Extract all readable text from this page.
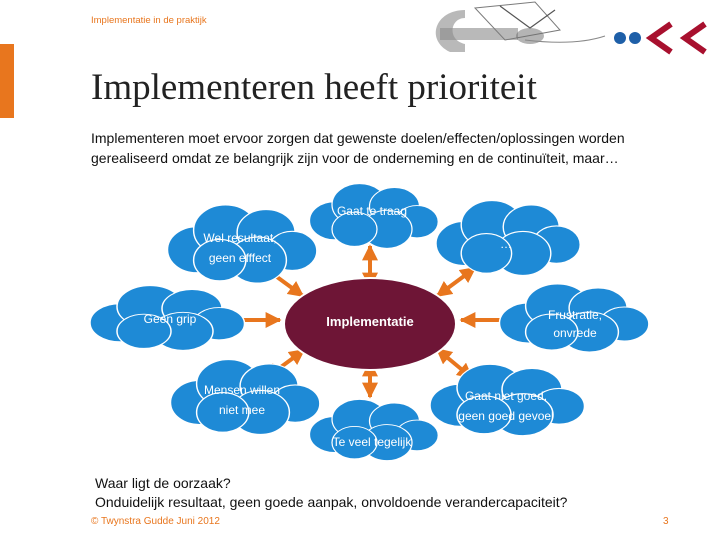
Implementatie in de praktijk
Implementeren heeft prioriteit
Implementeren moet ervoor zorgen dat gewenste doelen/effecten/oplossingen worden gerealiseerd omdat ze belangrijk zijn voor de onderneming en de continuïteit, maar…
Implementatie
Gaat te traag
Wel resultaat,
geen efffect
…
Geen grip	Frustratie,
onvrede
Mensen willen
niet mee
Te veel tegelijk
Gaat niet goed,
geen goed gevoel
Waar ligt de oorzaak?
Onduidelijk resultaat, geen goede aanpak, onvoldoende verandercapaciteit?
© Twynstra Gudde Juni 2012	3
